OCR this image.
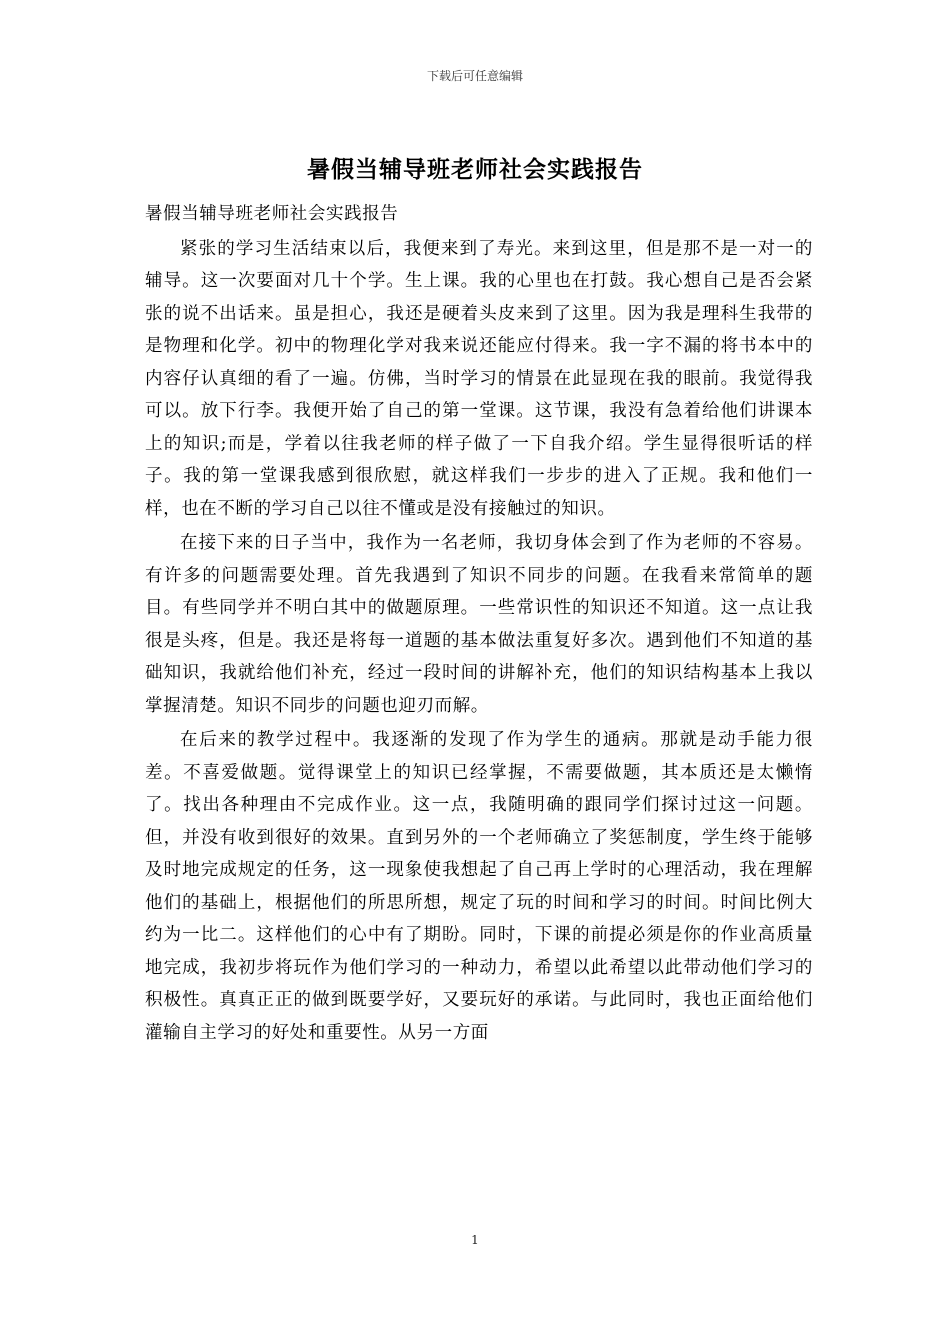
下载后可任意编辑
暑假当辅导班老师社会实践报告

暑假当辅导班老师社会实践报告

紧张的学习生活结束以后，我便来到了寿光。来到这里，但是那不是一对一的辅导。这一次要面对几十个学。生上课。我的心里也在打鼓。我心想自己是否会紧张的说不出话来。虽是担心，我还是硬着头皮来到了这里。因为我是理科生我带的是物理和化学。初中的物理化学对我来说还能应付得来。我一字不漏的将书本中的内容仔认真细的看了一遍。仿佛，当时学习的情景在此显现在我的眼前。我觉得我可以。放下行李。我便开始了自己的第一堂课。这节课，我没有急着给他们讲课本上的知识;而是，学着以往我老师的样子做了一下自我介绍。学生显得很听话的样子。我的第一堂课我感到很欣慰，就这样我们一步步的进入了正规。我和他们一样，也在不断的学习自己以往不懂或是没有接触过的知识。

在接下来的日子当中，我作为一名老师，我切身体会到了作为老师的不容易。有许多的问题需要处理。首先我遇到了知识不同步的问题。在我看来常简单的题目。有些同学并不明白其中的做题原理。一些常识性的知识还不知道。这一点让我很是头疼，但是。我还是将每一道题的基本做法重复好多次。遇到他们不知道的基础知识，我就给他们补充，经过一段时间的讲解补充，他们的知识结构基本上我以掌握清楚。知识不同步的问题也迎刃而解。

在后来的教学过程中。我逐渐的发现了作为学生的通病。那就是动手能力很差。不喜爱做题。觉得课堂上的知识已经掌握，不需要做题，其本质还是太懒惰了。找出各种理由不完成作业。这一点，我随明确的跟同学们探讨过这一问题。但，并没有收到很好的效果。直到另外的一个老师确立了奖惩制度，学生终于能够及时地完成规定的任务，这一现象使我想起了自己再上学时的心理活动，我在理解他们的基础上，根据他们的所思所想，规定了玩的时间和学习的时间。时间比例大约为一比二。这样他们的心中有了期盼。同时，下课的前提必须是你的作业高质量地完成，我初步将玩作为他们学习的一种动力，希望以此希望以此带动他们学习的积极性。真真正正的做到既要学好，又要玩好的承诺。与此同时，我也正面给他们灌输自主学习的好处和重要性。从另一方面

1
